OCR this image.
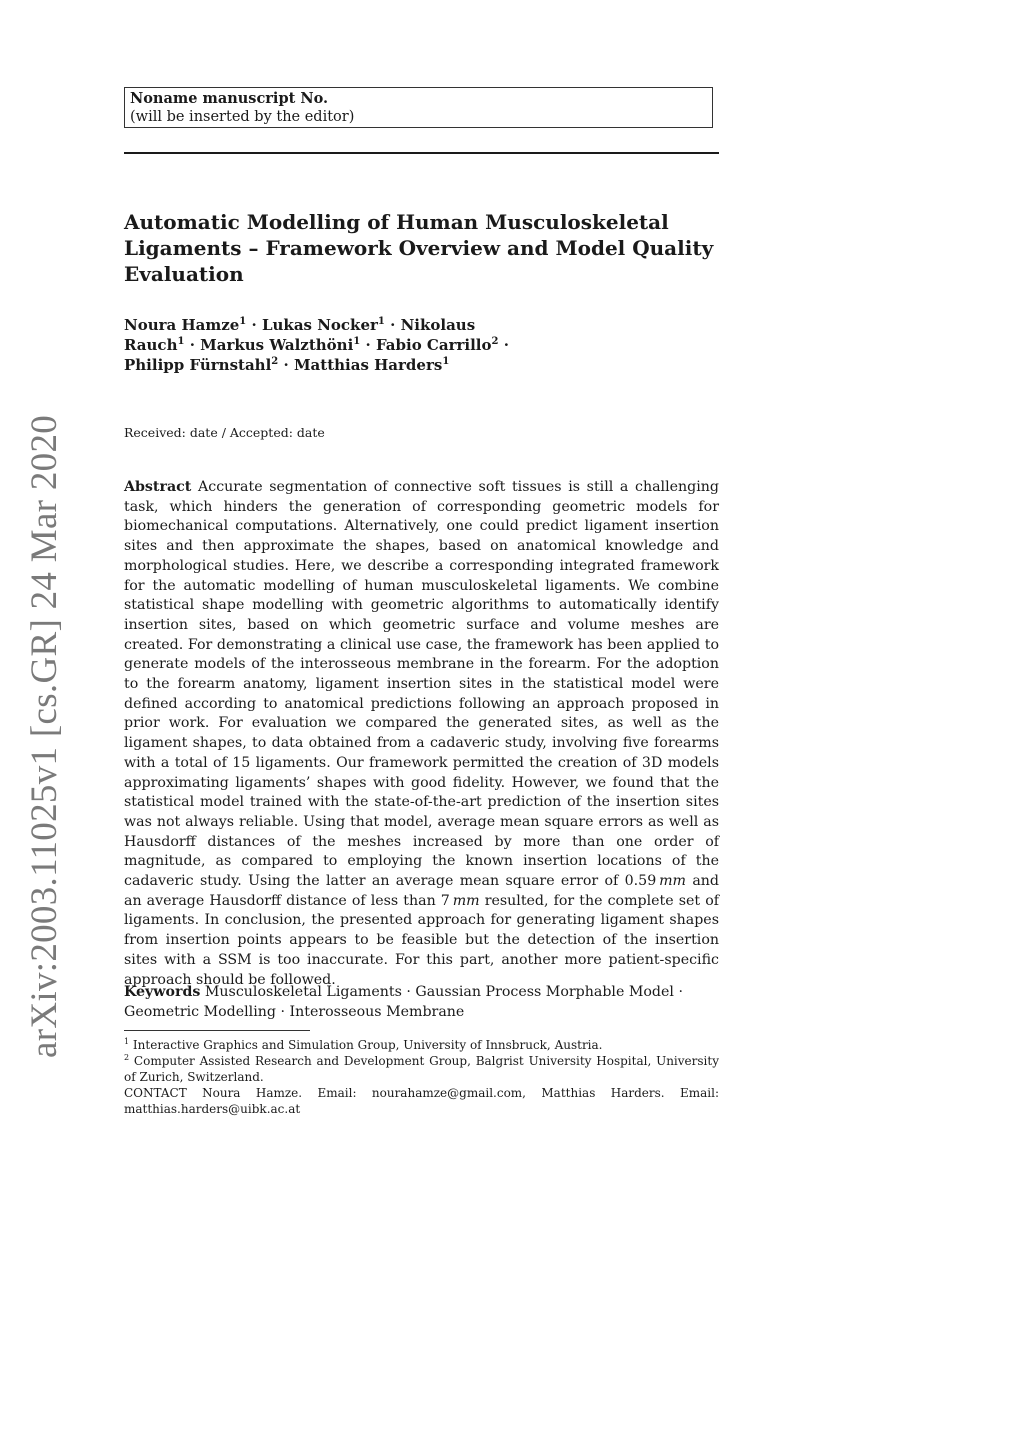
arXiv:2003.11025v1 [cs.GR] 24 Mar 2020
Noname manuscript No.
(will be inserted by the editor)
Automatic Modelling of Human Musculoskeletal Ligaments – Framework Overview and Model Quality Evaluation
Noura Hamze$^1$ · Lukas Nocker$^1$ · Nikolaus Rauch$^1$ · Markus Walzthöni$^1$ · Fabio Carrillo$^2$ · Philipp Fürnstahl$^2$ · Matthias Harders$^1$
Received: date / Accepted: date
Abstract Accurate segmentation of connective soft tissues is still a challenging task, which hinders the generation of corresponding geometric models for biomechanical computations. Alternatively, one could predict ligament insertion sites and then approximate the shapes, based on anatomical knowledge and morphological studies. Here, we describe a corresponding integrated framework for the automatic modelling of human musculoskeletal ligaments. We combine statistical shape modelling with geometric algorithms to automatically identify insertion sites, based on which geometric surface and volume meshes are created. For demonstrating a clinical use case, the framework has been applied to generate models of the interosseous membrane in the forearm. For the adoption to the forearm anatomy, ligament insertion sites in the statistical model were defined according to anatomical predictions following an approach proposed in prior work. For evaluation we compared the generated sites, as well as the ligament shapes, to data obtained from a cadaveric study, involving five forearms with a total of 15 ligaments. Our framework permitted the creation of 3D models approximating ligaments’ shapes with good fidelity. However, we found that the statistical model trained with the state-of-the-art prediction of the insertion sites was not always reliable. Using that model, average mean square errors as well as Hausdorff distances of the meshes increased by more than one order of magnitude, as compared to employing the known insertion locations of the cadaveric study. Using the latter an average mean square error of 0.59  mm and an average Hausdorff distance of less than 7  mm resulted, for the complete set of ligaments. In conclusion, the presented approach for generating ligament shapes from insertion points appears to be feasible but the detection of the insertion sites with a SSM is too inaccurate. For this part, another more patient-specific approach should be followed.
Keywords Musculoskeletal Ligaments · Gaussian Process Morphable Model · Geometric Modelling · Interosseous Membrane

$^1$ Interactive Graphics and Simulation Group, University of Innsbruck, Austria.

$^2$ Computer Assisted Research and Development Group, Balgrist University Hospital, University of Zurich, Switzerland.

CONTACT Noura Hamze. Email: nourahamze@gmail.com, Matthias Harders. Email: matthias.harders@uibk.ac.at
